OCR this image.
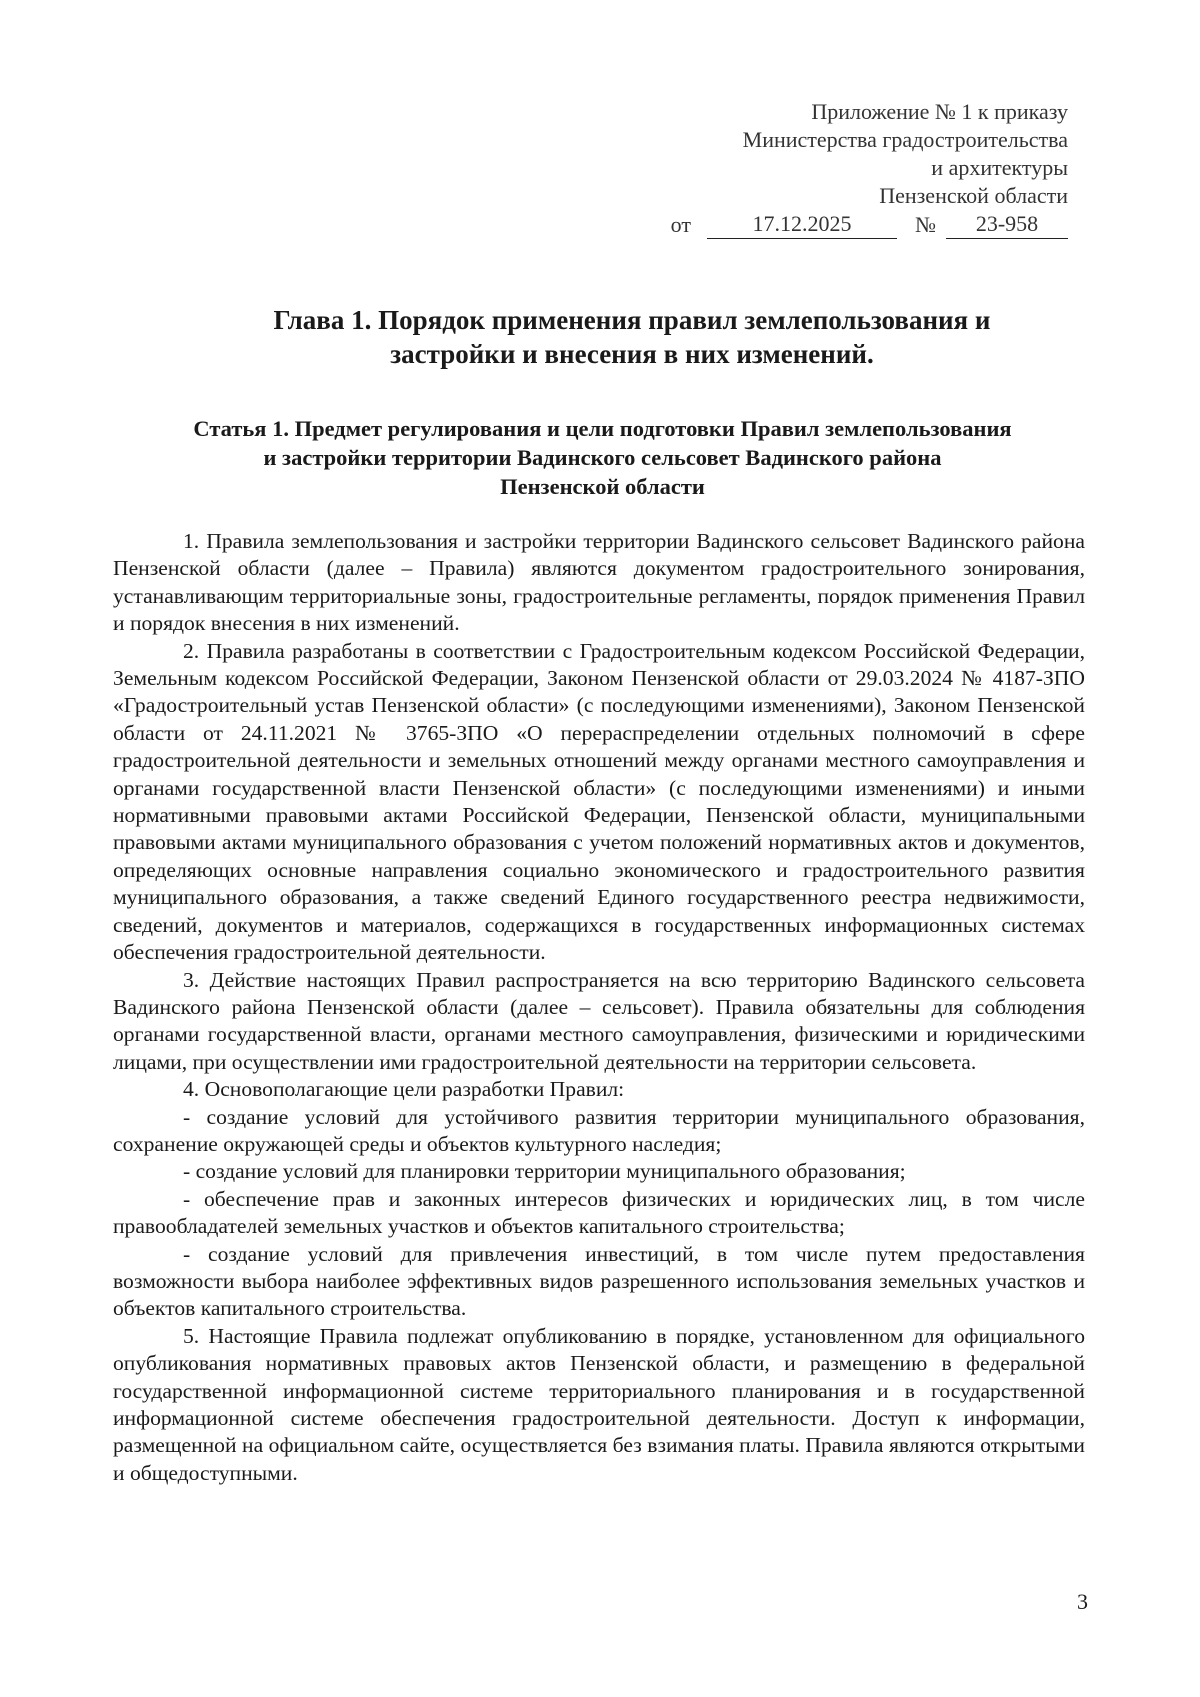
Приложение № 1 к приказу
Министерства градостроительства
и архитектуры
Пензенской области
от	17.12.2025	№	23-958
Глава 1. Порядок применения правил землепользования и
застройки и внесения в них изменений.
Статья 1. Предмет регулирования и цели подготовки Правил землепользования
и застройки территории Вадинского сельсовет Вадинского района
Пензенской области

1. Правила землепользования и застройки территории Вадинского сельсовет Вадинского района Пензенской области (далее – Правила) являются документом градостроительного зонирования, устанавливающим территориальные зоны, градостроительные регламенты, порядок применения Правил и порядок внесения в них изменений.

2. Правила разработаны в соответствии с Градостроительным кодексом Российской Федерации, Земельным кодексом Российской Федерации, Законом Пензенской области от 29.03.2024 № 4187-ЗПО «Градостроительный устав Пензенской области» (с последующими изменениями), Законом Пензенской области от 24.11.2021 № 3765-ЗПО «О перераспределении отдельных полномочий в сфере градостроительной деятельности и земельных отношений между органами местного самоуправления и органами государственной власти Пензенской области» (с последующими изменениями) и иными нормативными правовыми актами Российской Федерации, Пензенской области, муниципальными правовыми актами муниципального образования с учетом положений нормативных актов и документов, определяющих основные направления социально экономического и градостроительного развития муниципального образования, а также сведений Единого государственного реестра недвижимости, сведений, документов и материалов, содержащихся в государственных информационных системах обеспечения градостроительной деятельности.

3. Действие настоящих Правил распространяется на всю территорию Вадинского сельсовета Вадинского района Пензенской области (далее – сельсовет). Правила обязательны для соблюдения органами государственной власти, органами местного самоуправления, физическими и юридическими лицами, при осуществлении ими градостроительной деятельности на территории сельсовета.

4. Основополагающие цели разработки Правил:

- создание условий для устойчивого развития территории муниципального образования, сохранение окружающей среды и объектов культурного наследия;

- создание условий для планировки территории муниципального образования;

- обеспечение прав и законных интересов физических и юридических лиц, в том числе правообладателей земельных участков и объектов капитального строительства;

- создание условий для привлечения инвестиций, в том числе путем предоставления возможности выбора наиболее эффективных видов разрешенного использования земельных участков и объектов капитального строительства.

5. Настоящие Правила подлежат опубликованию в порядке, установленном для официального опубликования нормативных правовых актов Пензенской области, и размещению в федеральной государственной информационной системе территориального планирования и в государственной информационной системе обеспечения градостроительной деятельности. Доступ к информации, размещенной на официальном сайте, осуществляется без взимания платы. Правила являются открытыми и общедоступными.

3
